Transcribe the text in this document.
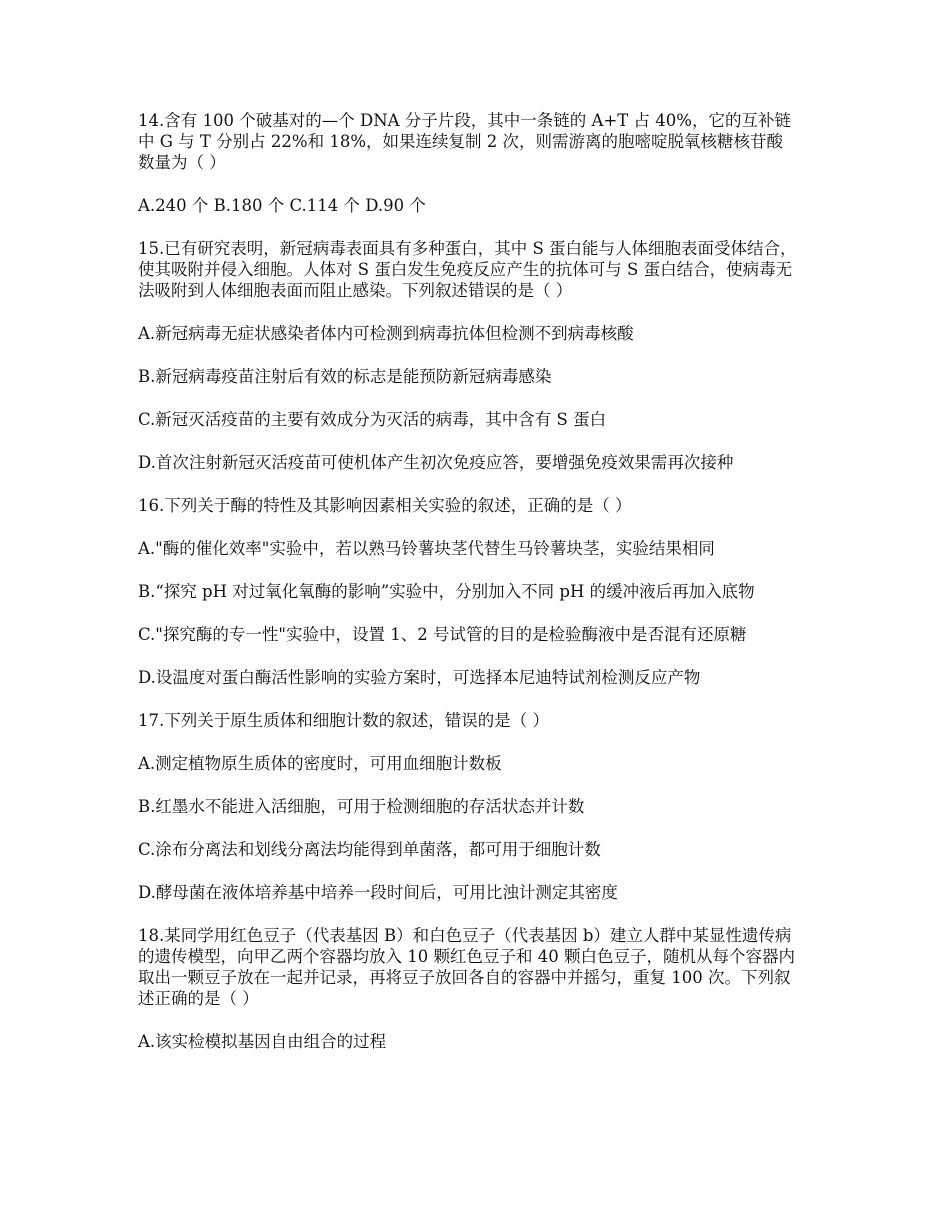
14.含有 100 个破基对的—个 DNA 分子片段，其中一条链的 A+T 占 40%，它的互补链中 G 与 T 分别占 22%和 18%，如果连续复制 2 次，则需游离的胞嘧啶脱氧核糖核苷酸数量为（ ）

A.240 个 B.180 个 C.114 个 D.90 个

15.已有研究表明，新冠病毒表面具有多种蛋白，其中 S 蛋白能与人体细胞表面受体结合，使其吸附并侵入细胞。人体对 S 蛋白发生免疫反应产生的抗体可与 S 蛋白结合，使病毒无法吸附到人体细胞表面而阻止感染。下列叙述错误的是（ ）

A.新冠病毒无症状感染者体内可检测到病毒抗体但检测不到病毒核酸

B.新冠病毒疫苗注射后有效的标志是能预防新冠病毒感染

C.新冠灭活疫苗的主要有效成分为灭活的病毒，其中含有 S 蛋白

D.首次注射新冠灭活疫苗可使机体产生初次免疫应答，要增强免疫效果需再次接种

16.下列关于酶的特性及其影响因素相关实验的叙述，正确的是（ ）

A."酶的催化效率"实验中，若以熟马铃薯块茎代替生马铃薯块茎，实验结果相同

B.“探究 pH 对过氧化氧酶的影响”实验中，分别加入不同 pH 的缓冲液后再加入底物

C."探究酶的专一性"实验中，设置 1、2 号试管的目的是检验酶液中是否混有还原糖

D.设温度对蛋白酶活性影响的实验方案时，可选择本尼迪特试剂检测反应产物

17.下列关于原生质体和细胞计数的叙述，错误的是（ ）

A.测定植物原生质体的密度时，可用血细胞计数板

B.红墨水不能进入活细胞，可用于检测细胞的存活状态并计数

C.涂布分离法和划线分离法均能得到单菌落，都可用于细胞计数

D.酵母菌在液体培养基中培养一段时间后，可用比浊计测定其密度

18.某同学用红色豆子（代表基因 B）和白色豆子（代表基因 b）建立人群中某显性遗传病的遗传模型，向甲乙两个容器均放入 10 颗红色豆子和 40 颗白色豆子，随机从每个容器内取出一颗豆子放在一起并记录，再将豆子放回各自的容器中并摇匀，重复 100 次。下列叙述正确的是（ ）

A.该实检模拟基因自由组合的过程
